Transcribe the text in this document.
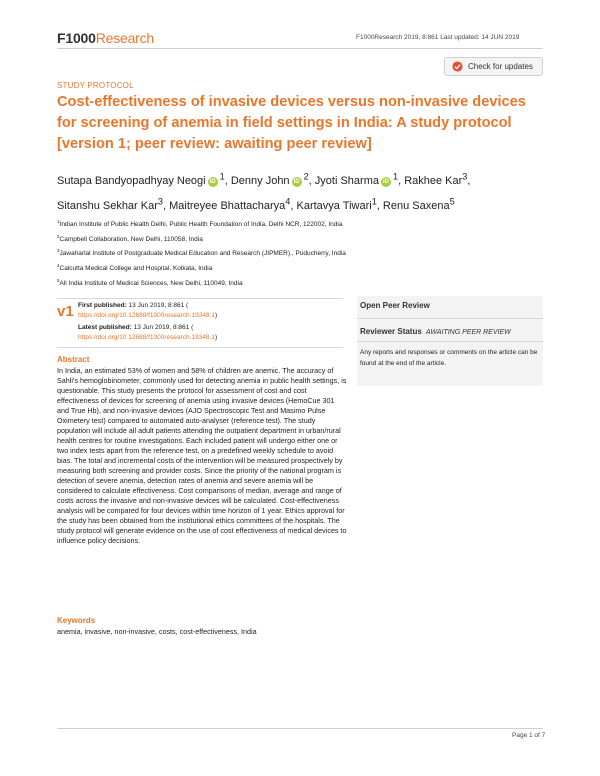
F1000Research	F1000Research 2019, 8:861 Last updated: 14 JUN 2019
Check for updates
STUDY PROTOCOL
Cost-effectiveness of invasive devices versus non-invasive devices for screening of anemia in field settings in India: A study protocol [version 1; peer review: awaiting peer review]
Sutapa Bandyopadhyay Neogi $iD^1$, Denny John $iD^2$, Jyoti Sharma $iD^1$, Rakhee Kar$^3$,
Sitanshu Sekhar Kar$^3$, Maitreyee Bhattacharya$^4$, Kartavya Tiwari$^1$, Renu Saxena$^5$
$^1$Indian Institute of Public Health Delhi, Public Health Foundation of India, Delhi NCR, 122002, India
$^2$Campbell Collaboration, New Delhi, 110058, India
$^3$Jawaharlal Institute of Postgraduate Medical Education and Research (JIPMER)., Puducherry, India
$^4$Calcutta Medical College and Hospital, Kolkata, India
$^5$All India Institute of Medical Sciences, New Delhi, 110049, India
v1 First published: 13 Jun 2019, 8:861 (
https://doi.org/10.12688/f1000research.19348.1)
Latest published: 13 Jun 2019, 8:861 (
https://doi.org/10.12688/f1000research.19348.1)
Abstract
In India, an estimated 53% of women and 58% of children are anemic. The accuracy of Sahli's hemoglobinometer, commonly used for detecting anemia in public health settings, is questionable. This study presents the protocol for assessment of cost and cost effectiveness of devices for screening of anemia using invasive devices (HemoCue 301 and True Hb), and non-invasive devices (AJO Spectroscopic Test and Masimo Pulse Oximetery test) compared to automated auto-analyser (reference test). The study population will include all adult patients attending the outpatient department in urban/rural health centres for routine investigations. Each included patient will undergo either one or two index tests apart from the reference test, on a predefined weekly schedule to avoid bias. The total and incremental costs of the intervention will be measured prospectively by measuring both screening and provider costs. Since the priority of the national program is detection of severe anemia, detection rates of anemia and severe anemia will be considered to calculate effectiveness. Cost comparisons of median, average and range of costs across the invasive and non-invasive devices will be calculated. Cost-effectiveness analysis will be compared for four devices within time horizon of 1 year. Ethics approval for the study has been obtained from the institutional ethics committees of the hospitals. The study protocol will generate evidence on the use of cost effectiveness of medical devices to influence policy decisions.
Keywords
anemia, invasive, non-invasive, costs, cost-effectiveness, India
Open Peer Review
Reviewer Status AWAITING PEER REVIEW
Any reports and responses or comments on the article can be found at the end of the article.
Page 1 of 7
